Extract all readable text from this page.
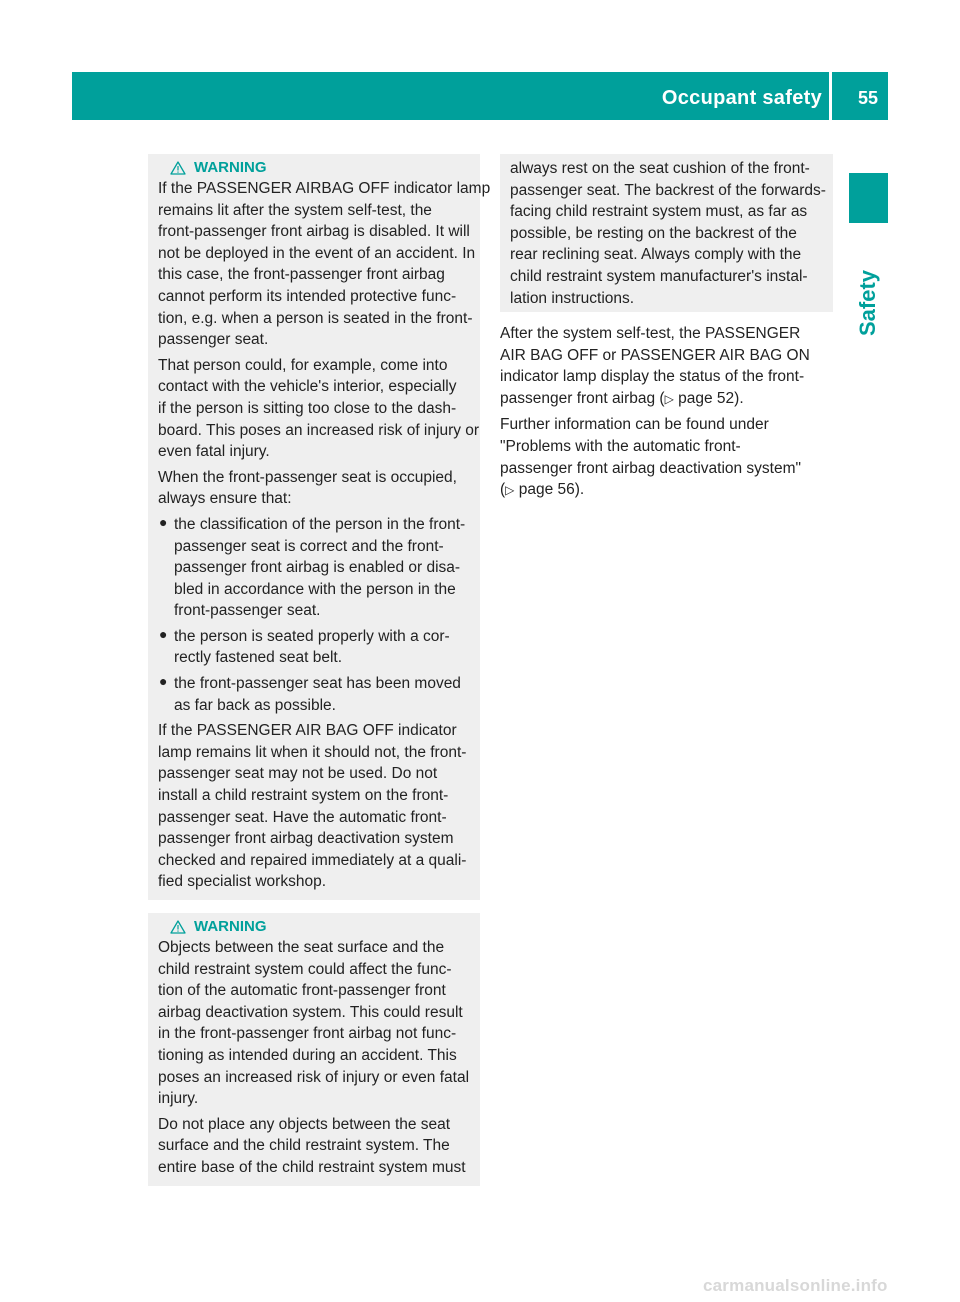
Occupant safety 55
Safety
WARNING

If the PASSENGER AIRBAG OFF indicator lamp

remains lit after the system self-test, the

front-passenger front airbag is disabled. It will

not be deployed in the event of an accident. In

this case, the front-passenger front airbag

cannot perform its intended protective func-

tion, e.g. when a person is seated in the front-

passenger seat.

That person could, for example, come into

contact with the vehicle's interior, especially

if the person is sitting too close to the dash-

board. This poses an increased risk of injury or

even fatal injury.

When the front-passenger seat is occupied,

always ensure that:

● the classification of the person in the front-

passenger seat is correct and the front-

passenger front airbag is enabled or disa-

bled in accordance with the person in the

front-passenger seat.

● the person is seated properly with a cor-

rectly fastened seat belt.

● the front-passenger seat has been moved

as far back as possible.

If the PASSENGER AIR BAG OFF indicator

lamp remains lit when it should not, the front-

passenger seat may not be used. Do not

install a child restraint system on the front-

passenger seat. Have the automatic front-

passenger front airbag deactivation system

checked and repaired immediately at a quali-

fied specialist workshop.

WARNING

Objects between the seat surface and the

child restraint system could affect the func-

tion of the automatic front-passenger front

airbag deactivation system. This could result

in the front-passenger front airbag not func-

tioning as intended during an accident. This

poses an increased risk of injury or even fatal

injury.

Do not place any objects between the seat

surface and the child restraint system. The

entire base of the child restraint system must

always rest on the seat cushion of the front-

passenger seat. The backrest of the forwards-

facing child restraint system must, as far as

possible, be resting on the backrest of the

rear reclining seat. Always comply with the

child restraint system manufacturer's instal-

lation instructions.

After the system self-test, the PASSENGER

AIR BAG OFF or PASSENGER AIR BAG ON

indicator lamp display the status of the front-

passenger front airbag (▷ page 52).

Further information can be found under

"Problems with the automatic front-

passenger front airbag deactivation system"

(▷ page 56).

carmanualsonline.info
